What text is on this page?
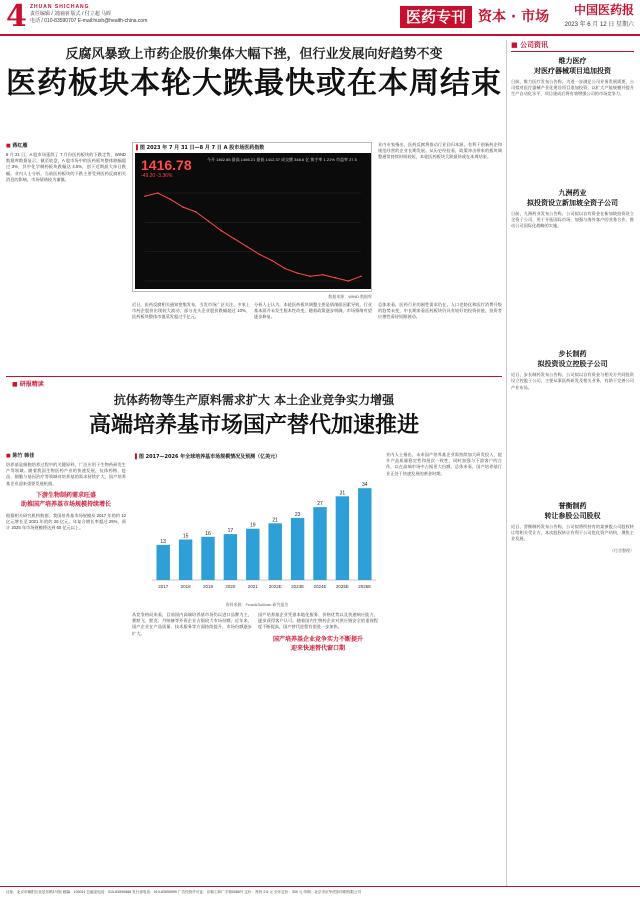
4 ZHUAN SHICHANG
责任编辑 / 刘丽丽 版式 / 付立超 马晖
电话 / 010-83590707 E-mail:hush@health-china.com	医药专刊 资本 · 市场 中国医药报
2023 年 6 月 12 日 星期六
反腐风暴致上市药企股价集体大幅下挫，但行业发展向好趋势不变
医药板块本轮大跌最快或在本周结束
■ 蒋红雁
8 月 21 日，A 股市场延续了 7 月份医药板块的下跌走势，WIND 数据库数据显示，截至收盘，A 股市场中的医药板块整体跌幅超过 3%，其中化学制药板块跌幅达 4.5%，创下近期最大单日跌幅。业内人士分析，当前医药板块的下跌主要受到医药反腐相关消息的影响，市场情绪较为谨慎。
▌ 图 2023 年 7 月 31 日—8 月 7 日 A 股市场医药指数
1416.78
-49.20 -3.36%
今开 1462.85 最高 1466.21 最低 1412.37 成交额 348.6 亿 换手率 1.21% 市盈率 27.5
数据来源：WIND 数据库
近日，医药反腐相关通知密集发布，引发市场广泛关注。多家上市药企股价出现较大波动，部分龙头企业股价跌幅超过 10%，医药板块整体市值蒸发超过千亿元。
分析人士认为，本轮医药板块调整主要是情绪面因素导致，行业基本面并未发生根本性改变，随着政策逐步明确，市场情绪有望逐步修复。
业内专家指出，医药反腐将推动行业回归本源，有利于创新药企和规范经营的企业长期发展。从历史经验看，政策冲击带来的板块调整通常持续时间较短，本轮医药板块大跌最快或在本周结束。
总体来看，医药行业的刚性需求仍在，人口老龄化和医疗消费升级的趋势未变，中长期来看医药板块仍具有较好的投资价值，投资者应理性看待短期波动。
■ 研报精读
抗体药物等生产原料需求扩大 本土企业竞争实力增强
高端培养基市场国产替代加速推进
■ 陈竹 韩佳
培养基是细胞培养过程中的关键原料，广泛应用于生物药研发生产等领域。随着我国生物医药产业的快速发展，抗体药物、疫苗、细胞与基因治疗等领域对培养基的需求持续扩大，国产培养基企业迎来重要发展机遇。
下游生物制药需求旺盛
助推国产培养基市场规模持续增长
根据相关研究机构数据，我国培养基市场规模从 2017 年的约 10 亿元增长至 2021 年的约 26 亿元，年复合增长率超过 25%，预计 2025 年市场规模将达到 60 亿元以上。
▌ 图 2017—2026 年全球培养基市场规模情况及预测（亿美元）
13
2017
15
2018
16
2019
17
2020
19
2021
21
2022E
23
2023E
27
2024E
31
2025E
34
2026E
资料来源：Frost&Sullivan 研究报告
从竞争格局来看，目前国内高端培养基市场仍以进口品牌为主，赛默飞、默克、丹纳赫等外资企业占据较大市场份额。近年来，国产企业在产品质量、技术服务等方面持续提升，市场份额逐步扩大。
国产培养基企业凭借本地化服务、价格优势以及快速响应能力，逐步获得客户认可。随着国内生物药企业对供应链安全的重视程度不断提高，国产替代进程有望进一步加快。
国产培养基企业竞争实力不断提升
迎来快速替代窗口期
业内人士指出，未来国产培养基企业需持续加大研发投入，提升产品质量稳定性和批次一致性，同时加强与下游客户的合作，以在高端市场中占据更大份额。总体来看，国产培养基行业正处于快速发展的黄金时期。
■ 公司资讯
维力医疗
对医疗器械项目追加投资
日前，维力医疗发布公告称，为进一步满足公司业务发展需要，公司拟对医疗器械产业化建设项目追加投资，以扩大产能规模并提升生产自动化水平，项目建成后将有效增强公司的市场竞争力。
九洲药业
拟投资设立新加坡全资子公司
日前，九洲药业发布公告称，公司拟以自有资金在新加坡投资设立全资子公司，用于开拓国际市场，加强与海外客户的业务合作，推动公司国际化战略的实施。
步长制药
拟投资设立控股子公司
近日，步长制药发布公告称，公司拟以自有资金与相关方共同投资设立控股子公司，主要从事医药研发及相关业务，有助于完善公司产业布局。
誉衡制药
转让参股公司股权
近日，誉衡制药发布公告称，公司拟将所持有的某参股公司股权转让给相关受让方，本次股权转让有利于公司优化资产结构，聚焦主业发展。
（付舍整理）
社址：北京市朝阳区北辰东路1号院 邮编：100011 总编室电话：010-83590888 发行部电话：010-83590999 广告经营许可证：京朝工商广字第0385号 定价：每份 2.6 元 全年定价：300 元 印刷：北京市京华虎彩印刷有限公司
